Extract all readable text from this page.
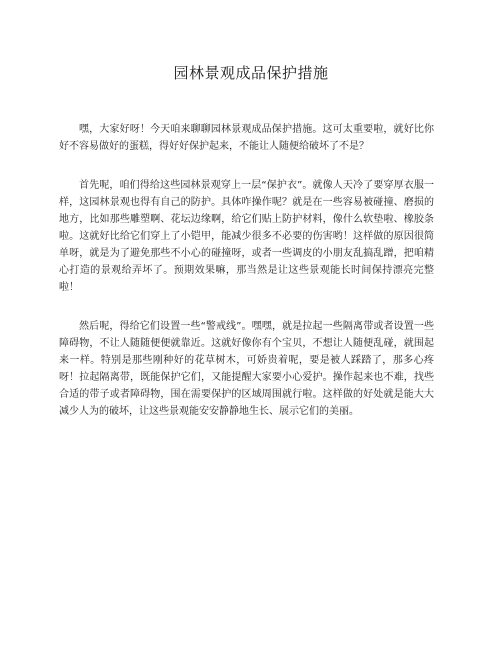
园林景观成品保护措施

嘿，大家好呀！今天咱来聊聊园林景观成品保护措施。这可太重要啦，就好比你好不容易做好的蛋糕，得好好保护起来，不能让人随便给破坏了不是？

首先呢，咱们得给这些园林景观穿上一层“保护衣”。就像人天冷了要穿厚衣服一样，这园林景观也得有自己的防护。具体咋操作呢？就是在一些容易被碰撞、磨损的地方，比如那些雕塑啊、花坛边缘啊，给它们贴上防护材料，像什么软垫啦、橡胶条啦。这就好比给它们穿上了小铠甲，能减少很多不必要的伤害哟！这样做的原因很简单呀，就是为了避免那些不小心的碰撞呀，或者一些调皮的小朋友乱搞乱蹭，把咱精心打造的景观给弄坏了。预期效果嘛，那当然是让这些景观能长时间保持漂亮完整啦！

然后呢，得给它们设置一些“警戒线”。嘿嘿，就是拉起一些隔离带或者设置一些障碍物，不让人随随便便就靠近。这就好像你有个宝贝，不想让人随便乱碰，就围起来一样。特别是那些刚种好的花草树木，可娇贵着呢，要是被人踩踏了，那多心疼呀！拉起隔离带，既能保护它们，又能提醒大家要小心爱护。操作起来也不难，找些合适的带子或者障碍物，围在需要保护的区域周围就行啦。这样做的好处就是能大大减少人为的破坏，让这些景观能安安静静地生长、展示它们的美丽。
